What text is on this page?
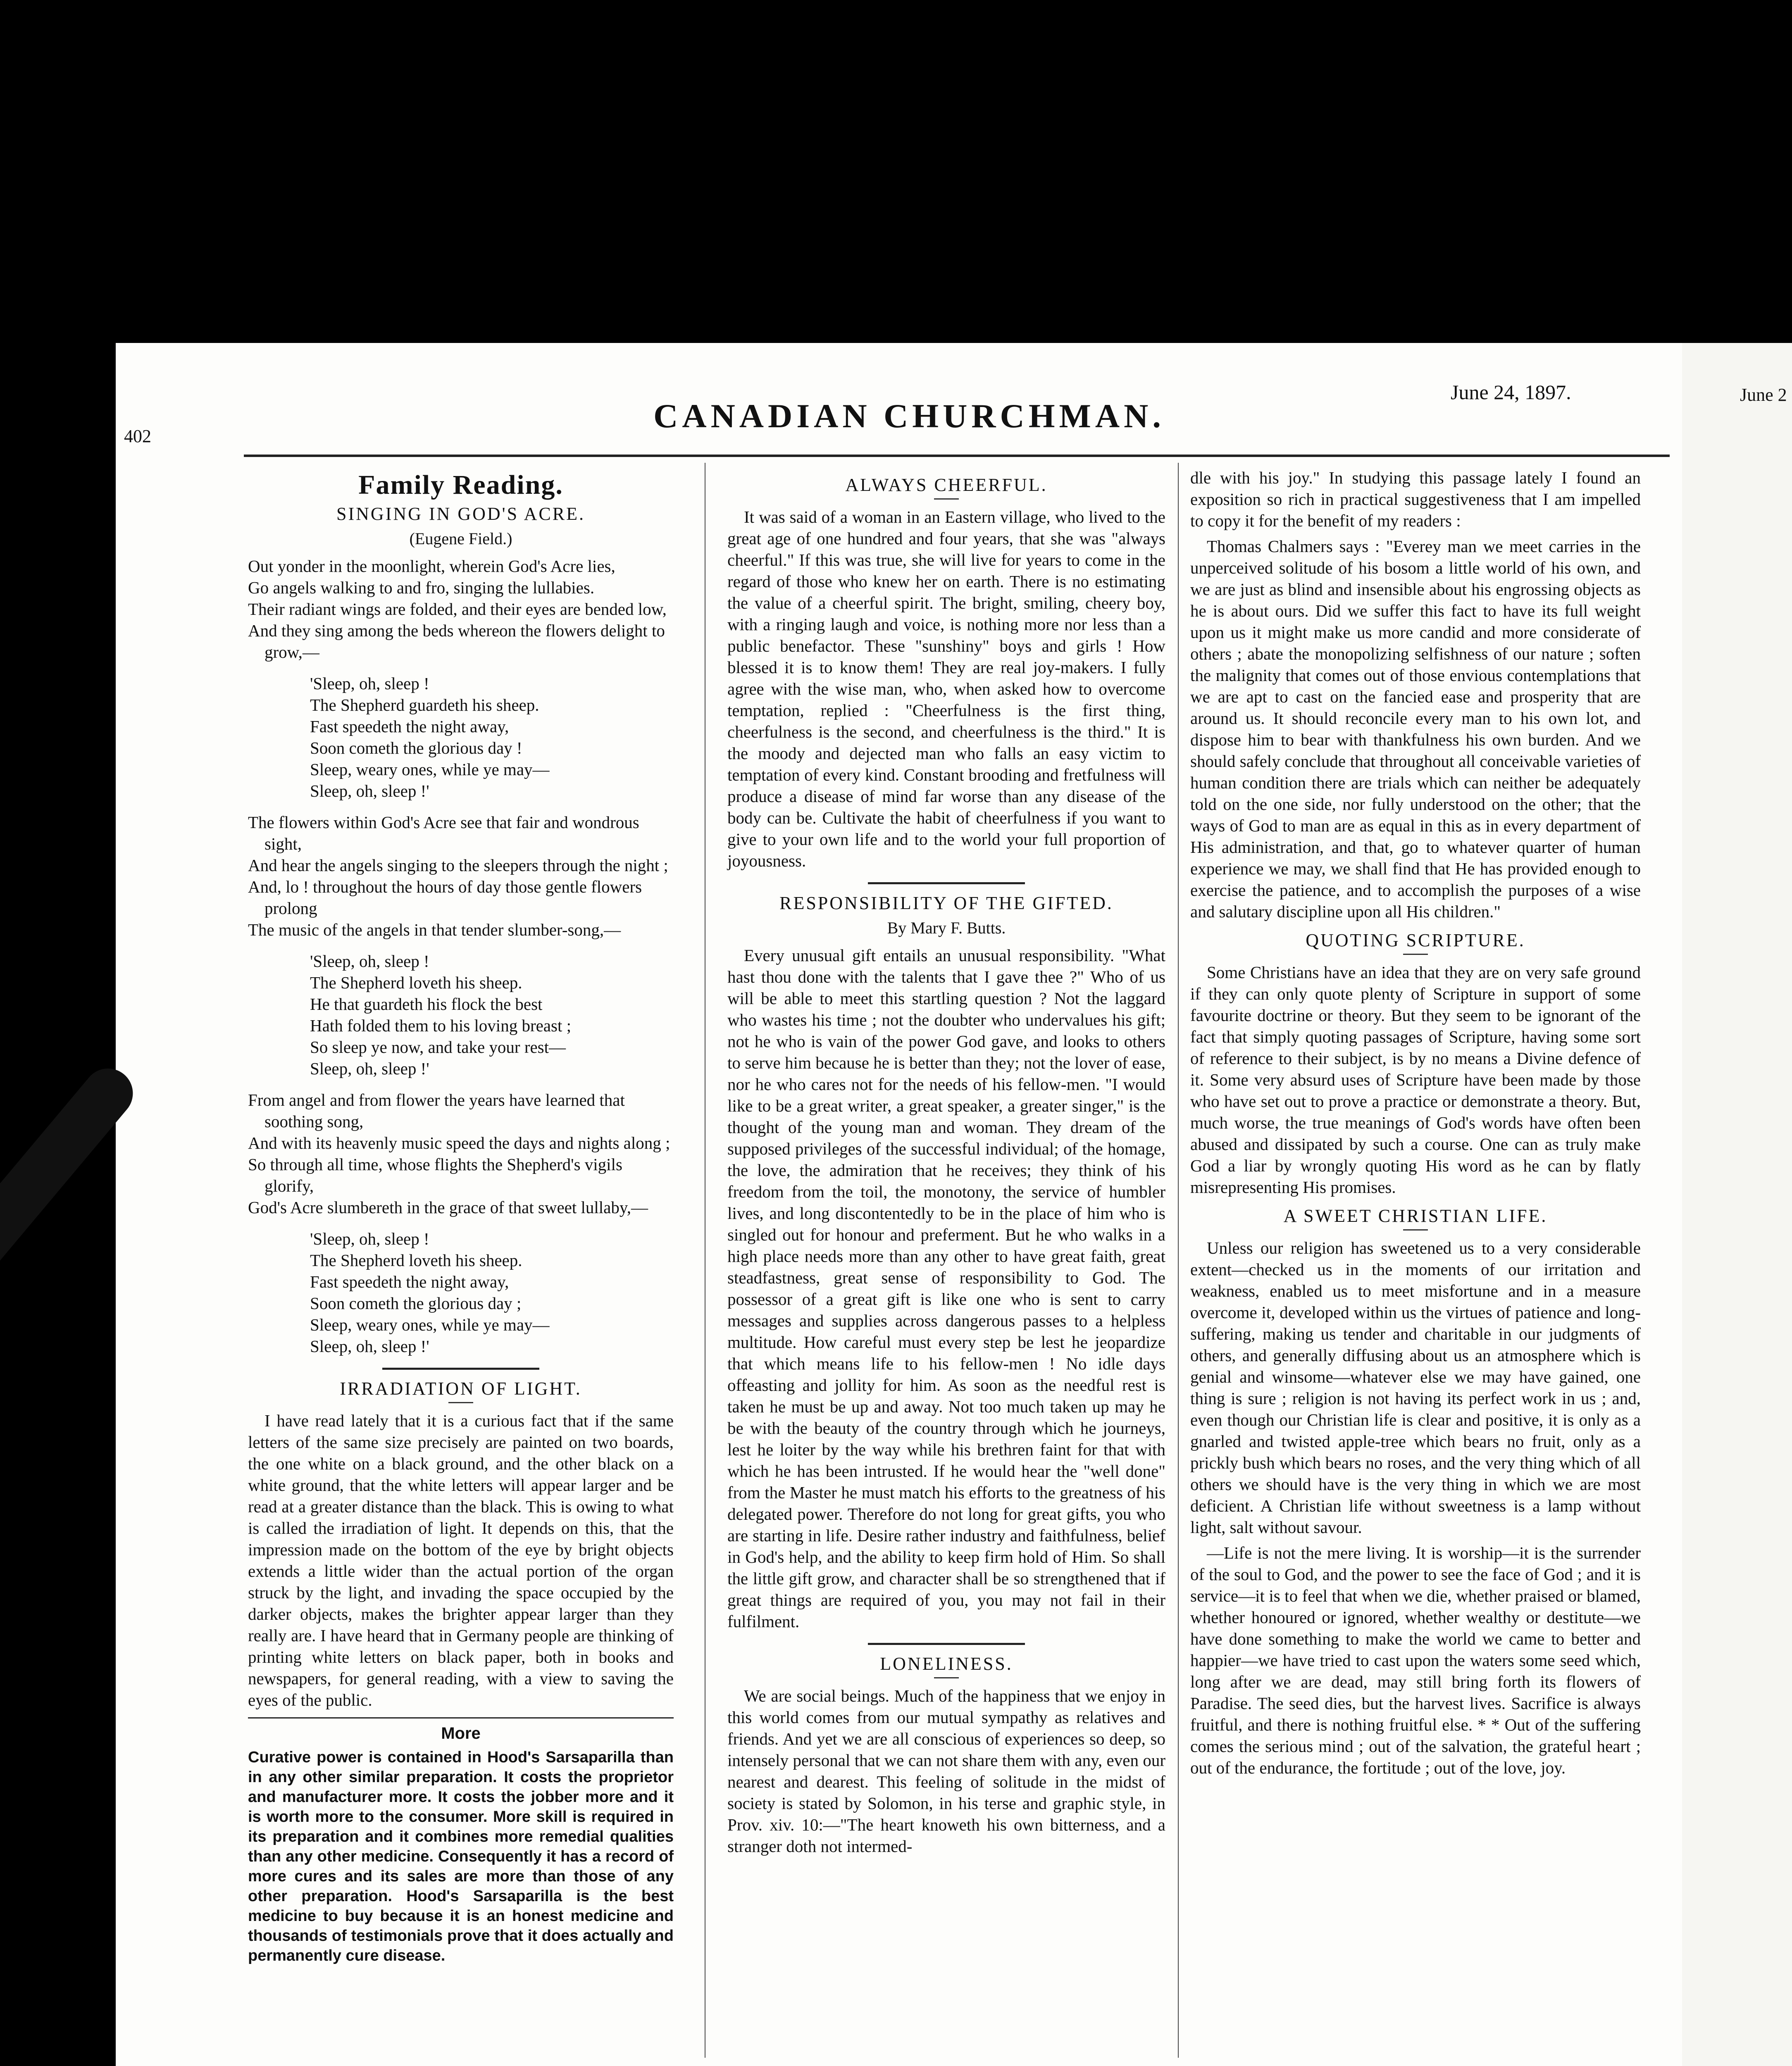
June 2
402
CANADIAN CHURCHMAN.
June 24, 1897.
Family Reading.
SINGING IN GOD'S ACRE.
(Eugene Field.)

Out yonder in the moonlight, wherein God's Acre lies,
Go angels walking to and fro, singing the lullabies.
Their radiant wings are folded, and their eyes are bended low,
And they sing among the beds whereon the flowers delight to grow,—

'Sleep, oh, sleep !
The Shepherd guardeth his sheep.
Fast speedeth the night away,
Soon cometh the glorious day !
Sleep, weary ones, while ye may—
Sleep, oh, sleep !'

The flowers within God's Acre see that fair and wondrous sight,
And hear the angels singing to the sleepers through the night ;
And, lo ! throughout the hours of day those gentle flowers prolong
The music of the angels in that tender slumber-song,—

'Sleep, oh, sleep !
The Shepherd loveth his sheep.
He that guardeth his flock the best
Hath folded them to his loving breast ;
So sleep ye now, and take your rest—
Sleep, oh, sleep !'

From angel and from flower the years have learned that soothing song,
And with its heavenly music speed the days and nights along ;
So through all time, whose flights the Shepherd's vigils glorify,
God's Acre slumbereth in the grace of that sweet lullaby,—

'Sleep, oh, sleep !
The Shepherd loveth his sheep.
Fast speedeth the night away,
Soon cometh the glorious day ;
Sleep, weary ones, while ye may—
Sleep, oh, sleep !'

IRRADIATION OF LIGHT.

I have read lately that it is a curious fact that if the same letters of the same size precisely are painted on two boards, the one white on a black ground, and the other black on a white ground, that the white letters will appear larger and be read at a greater distance than the black. This is owing to what is called the irradiation of light. It depends on this, that the impression made on the bottom of the eye by bright objects extends a little wider than the actual portion of the organ struck by the light, and invading the space occupied by the darker objects, makes the brighter appear larger than they really are. I have heard that in Germany people are thinking of printing white letters on black paper, both in books and newspapers, for general reading, with a view to saving the eyes of the public.

More
Curative power is contained in Hood's Sarsaparilla than in any other similar preparation. It costs the proprietor and manufacturer more. It costs the jobber more and it is worth more to the consumer. More skill is required in its preparation and it combines more remedial qualities than any other medicine. Consequently it has a record of more cures and its sales are more than those of any other preparation. Hood's Sarsaparilla is the best medicine to buy because it is an honest medicine and thousands of testimonials prove that it does actually and permanently cure disease.
ALWAYS CHEERFUL.

It was said of a woman in an Eastern village, who lived to the great age of one hundred and four years, that she was "always cheerful." If this was true, she will live for years to come in the regard of those who knew her on earth. There is no estimating the value of a cheerful spirit. The bright, smiling, cheery boy, with a ringing laugh and voice, is nothing more nor less than a public benefactor. These "sunshiny" boys and girls ! How blessed it is to know them! They are real joy-makers. I fully agree with the wise man, who, when asked how to overcome temptation, replied : "Cheerfulness is the first thing, cheerfulness is the second, and cheerfulness is the third." It is the moody and dejected man who falls an easy victim to temptation of every kind. Constant brooding and fretfulness will produce a disease of mind far worse than any disease of the body can be. Cultivate the habit of cheerfulness if you want to give to your own life and to the world your full proportion of joyousness.

RESPONSIBILITY OF THE GIFTED.
By Mary F. Butts.

Every unusual gift entails an unusual responsibility. "What hast thou done with the talents that I gave thee ?" Who of us will be able to meet this startling question ? Not the laggard who wastes his time ; not the doubter who undervalues his gift; not he who is vain of the power God gave, and looks to others to serve him because he is better than they; not the lover of ease, nor he who cares not for the needs of his fellow-men. "I would like to be a great writer, a great speaker, a greater singer," is the thought of the young man and woman. They dream of the supposed privileges of the successful individual; of the homage, the love, the admiration that he receives; they think of his freedom from the toil, the monotony, the service of humbler lives, and long discontentedly to be in the place of him who is singled out for honour and preferment. But he who walks in a high place needs more than any other to have great faith, great steadfastness, great sense of responsibility to God. The possessor of a great gift is like one who is sent to carry messages and supplies across dangerous passes to a helpless multitude. How careful must every step be lest he jeopardize that which means life to his fellow-men ! No idle days offeasting and jollity for him. As soon as the needful rest is taken he must be up and away. Not too much taken up may he be with the beauty of the country through which he journeys, lest he loiter by the way while his brethren faint for that with which he has been intrusted. If he would hear the "well done" from the Master he must match his efforts to the greatness of his delegated power. Therefore do not long for great gifts, you who are starting in life. Desire rather industry and faithfulness, belief in God's help, and the ability to keep firm hold of Him. So shall the little gift grow, and character shall be so strengthened that if great things are required of you, you may not fail in their fulfilment.

LONELINESS.

We are social beings. Much of the happiness that we enjoy in this world comes from our mutual sympathy as relatives and friends. And yet we are all conscious of experiences so deep, so intensely personal that we can not share them with any, even our nearest and dearest. This feeling of solitude in the midst of society is stated by Solomon, in his terse and graphic style, in Prov. xiv. 10:—"The heart knoweth his own bitterness, and a stranger doth not intermed-

dle with his joy." In studying this passage lately I found an exposition so rich in practical suggestiveness that I am impelled to copy it for the benefit of my readers :

Thomas Chalmers says : "Everey man we meet carries in the unperceived solitude of his bosom a little world of his own, and we are just as blind and insensible about his engrossing objects as he is about ours. Did we suffer this fact to have its full weight upon us it might make us more candid and more considerate of others ; abate the monopolizing selfishness of our nature ; soften the malignity that comes out of those envious contemplations that we are apt to cast on the fancied ease and prosperity that are around us. It should reconcile every man to his own lot, and dispose him to bear with thankfulness his own burden. And we should safely conclude that throughout all conceivable varieties of human condition there are trials which can neither be adequately told on the one side, nor fully understood on the other; that the ways of God to man are as equal in this as in every department of His administration, and that, go to whatever quarter of human experience we may, we shall find that He has provided enough to exercise the patience, and to accomplish the purposes of a wise and salutary discipline upon all His children."

QUOTING SCRIPTURE.

Some Christians have an idea that they are on very safe ground if they can only quote plenty of Scripture in support of some favourite doctrine or theory. But they seem to be ignorant of the fact that simply quoting passages of Scripture, having some sort of reference to their subject, is by no means a Divine defence of it. Some very absurd uses of Scripture have been made by those who have set out to prove a practice or demonstrate a theory. But, much worse, the true meanings of God's words have often been abused and dissipated by such a course. One can as truly make God a liar by wrongly quoting His word as he can by flatly misrepresenting His promises.

A SWEET CHRISTIAN LIFE.

Unless our religion has sweetened us to a very considerable extent—checked us in the moments of our irritation and weakness, enabled us to meet misfortune and in a measure overcome it, developed within us the virtues of patience and long-suffering, making us tender and charitable in our judgments of others, and generally diffusing about us an atmosphere which is genial and winsome—whatever else we may have gained, one thing is sure ; religion is not having its perfect work in us ; and, even though our Christian life is clear and positive, it is only as a gnarled and twisted apple-tree which bears no fruit, only as a prickly bush which bears no roses, and the very thing which of all others we should have is the very thing in which we are most deficient. A Christian life without sweetness is a lamp without light, salt without savour.

—Life is not the mere living. It is worship—it is the surrender of the soul to God, and the power to see the face of God ; and it is service—it is to feel that when we die, whether praised or blamed, whether honoured or ignored, whether wealthy or destitute—we have done something to make the world we came to better and happier—we have tried to cast upon the waters some seed which, long after we are dead, may still bring forth its flowers of Paradise. The seed dies, but the harvest lives. Sacrifice is always fruitful, and there is nothing fruitful else. * * Out of the suffering comes the serious mind ; out of the salvation, the grateful heart ; out of the endurance, the fortitude ; out of the love, joy.
